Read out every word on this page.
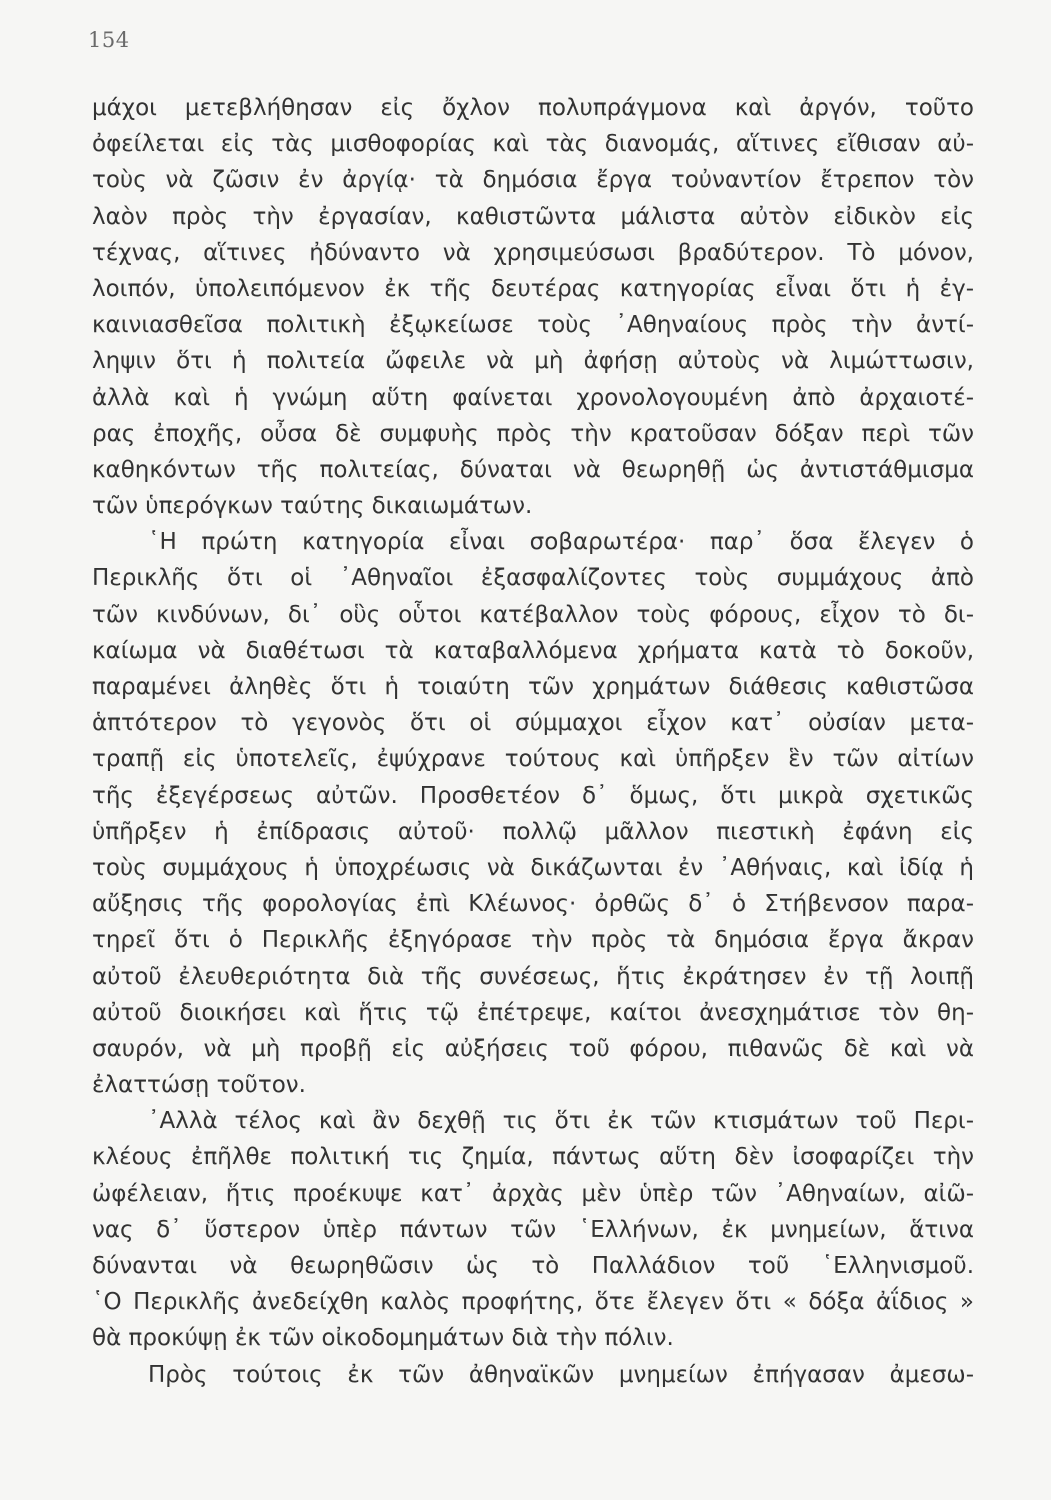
154
μάχοι μετεβλήθησαν εἰς ὄχλον πολυπράγμονα καὶ ἀργόν, τοῦτο
ὀφείλεται εἰς τὰς μισθοφορίας καὶ τὰς διανομάς, αἵτινες εἴθισαν αὐ-
τοὺς νὰ ζῶσιν ἐν ἀργίᾳ· τὰ δημόσια ἔργα τοὐναντίον ἔτρεπον τὸν
λαὸν πρὸς τὴν ἐργασίαν, καθιστῶντα μάλιστα αὐτὸν εἰδικὸν εἰς
τέχνας, αἵτινες ἠδύναντο νὰ χρησιμεύσωσι βραδύτερον. Τὸ μόνον,
λοιπόν, ὑπολειπόμενον ἐκ τῆς δευτέρας κατηγορίας εἶναι ὅτι ἡ ἐγ-
καινιασθεῖσα πολιτικὴ ἐξῳκείωσε τοὺς ᾿Αθηναίους πρὸς τὴν ἀντί-
ληψιν ὅτι ἡ πολιτεία ὤφειλε νὰ μὴ ἀφήσῃ αὐτοὺς νὰ λιμώττωσιν,
ἀλλὰ καὶ ἡ γνώμη αὕτη φαίνεται χρονολογουμένη ἀπὸ ἀρχαιοτέ-
ρας ἐποχῆς, οὖσα δὲ συμφυὴς πρὸς τὴν κρατοῦσαν δόξαν περὶ τῶν
καθηκόντων τῆς πολιτείας, δύναται νὰ θεωρηθῇ ὡς ἀντιστάθμισμα
τῶν ὑπερόγκων ταύτης δικαιωμάτων.
῾Η πρώτη κατηγορία εἶναι σοβαρωτέρα· παρ᾿ ὅσα ἔλεγεν ὁ
Περικλῆς ὅτι οἱ ᾿Αθηναῖοι ἐξασφαλίζοντες τοὺς συμμάχους ἀπὸ
τῶν κινδύνων, δι᾿ οὓς οὗτοι κατέβαλλον τοὺς φόρους, εἶχον τὸ δι-
καίωμα νὰ διαθέτωσι τὰ καταβαλλόμενα χρήματα κατὰ τὸ δοκοῦν,
παραμένει ἀληθὲς ὅτι ἡ τοιαύτη τῶν χρημάτων διάθεσις καθιστῶσα
ἁπτότερον τὸ γεγονὸς ὅτι οἱ σύμμαχοι εἶχον κατ᾿ οὐσίαν μετα-
τραπῇ εἰς ὑποτελεῖς, ἐψύχρανε τούτους καὶ ὑπῆρξεν ἓν τῶν αἰτίων
τῆς ἐξεγέρσεως αὐτῶν. Προσθετέον δ᾿ ὅμως, ὅτι μικρὰ σχετικῶς
ὑπῆρξεν ἡ ἐπίδρασις αὐτοῦ· πολλῷ μᾶλλον πιεστικὴ ἐφάνη εἰς
τοὺς συμμάχους ἡ ὑποχρέωσις νὰ δικάζωνται ἐν ᾿Αθήναις, καὶ ἰδίᾳ ἡ
αὔξησις τῆς φορολογίας ἐπὶ Κλέωνος· ὀρθῶς δ᾿ ὁ Στήβενσον παρα-
τηρεῖ ὅτι ὁ Περικλῆς ἐξηγόρασε τὴν πρὸς τὰ δημόσια ἔργα ἄκραν
αὐτοῦ ἐλευθεριότητα διὰ τῆς συνέσεως, ἥτις ἐκράτησεν ἐν τῇ λοιπῇ
αὐτοῦ διοικήσει καὶ ἥτις τῷ ἐπέτρεψε, καίτοι ἀνεσχημάτισε τὸν θη-
σαυρόν, νὰ μὴ προβῇ εἰς αὐξήσεις τοῦ φόρου, πιθανῶς δὲ καὶ νὰ
ἐλαττώσῃ τοῦτον.
᾿Αλλὰ τέλος καὶ ἂν δεχθῇ τις ὅτι ἐκ τῶν κτισμάτων τοῦ Περι-
κλέους ἐπῆλθε πολιτική τις ζημία, πάντως αὕτη δὲν ἰσοφαρίζει τὴν
ὠφέλειαν, ἥτις προέκυψε κατ᾿ ἀρχὰς μὲν ὑπὲρ τῶν ᾿Αθηναίων, αἰῶ-
νας δ᾿ ὕστερον ὑπὲρ πάντων τῶν ῾Ελλήνων, ἐκ μνημείων, ἅτινα
δύνανται νὰ θεωρηθῶσιν ὡς τὸ Παλλάδιον τοῦ ῾Ελληνισμοῦ.
῾Ο Περικλῆς ἀνεδείχθη καλὸς προφήτης, ὅτε ἔλεγεν ὅτι « δόξα ἀΐδιος »
θὰ προκύψῃ ἐκ τῶν οἰκοδομημάτων διὰ τὴν πόλιν.
Πρὸς τούτοις ἐκ τῶν ἀθηναϊκῶν μνημείων ἐπήγασαν ἀμεσω-
